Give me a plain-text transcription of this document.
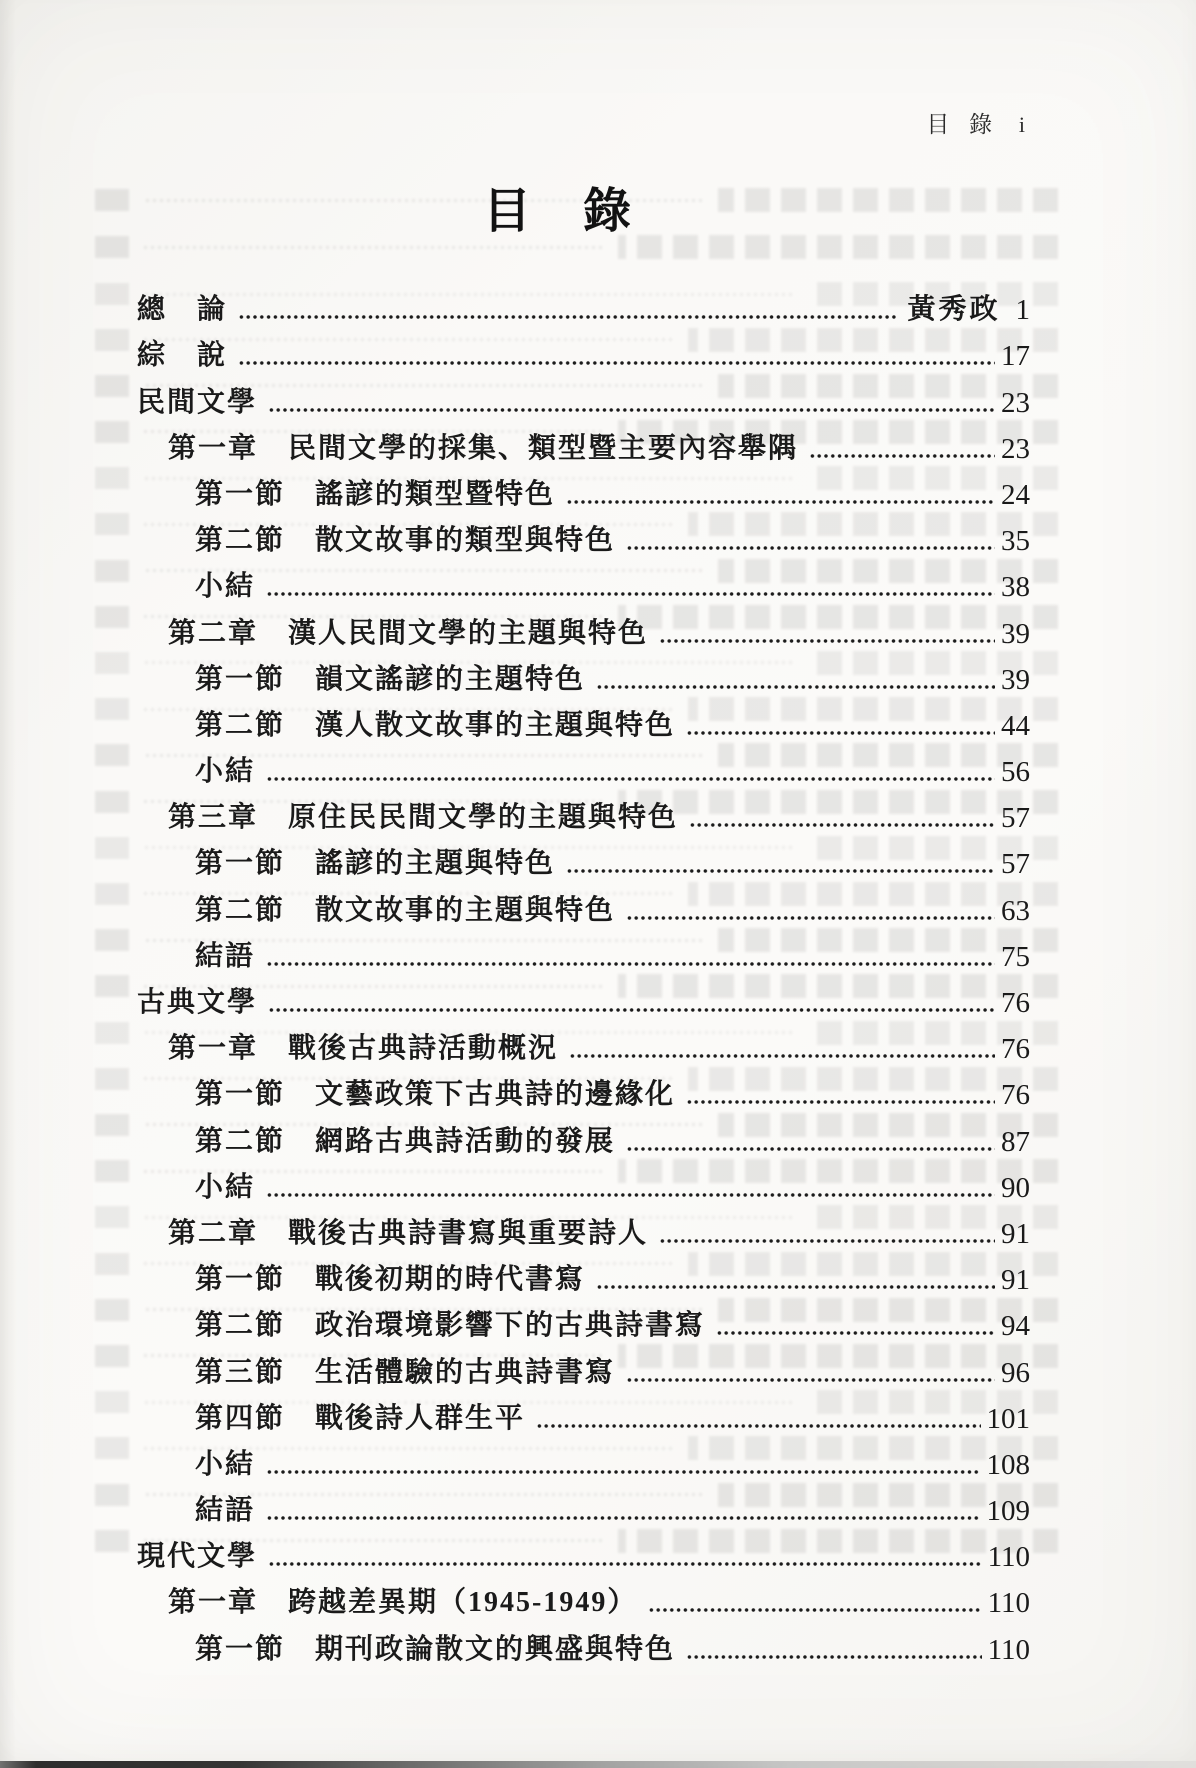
目 錄 i
目　錄
總　論	黃秀政 1
綜　說	17
民間文學	23
第一章　民間文學的採集、類型暨主要內容舉隅	23
第一節　謠諺的類型暨特色	24
第二節　散文故事的類型與特色	35
小結	38
第二章　漢人民間文學的主題與特色	39
第一節　韻文謠諺的主題特色	39
第二節　漢人散文故事的主題與特色	44
小結	56
第三章　原住民民間文學的主題與特色	57
第一節　謠諺的主題與特色	57
第二節　散文故事的主題與特色	63
結語	75
古典文學	76
第一章　戰後古典詩活動概況	76
第一節　文藝政策下古典詩的邊緣化	76
第二節　網路古典詩活動的發展	87
小結	90
第二章　戰後古典詩書寫與重要詩人	91
第一節　戰後初期的時代書寫	91
第二節　政治環境影響下的古典詩書寫	94
第三節　生活體驗的古典詩書寫	96
第四節　戰後詩人群生平	101
小結	108
結語	109
現代文學	110
第一章　跨越差異期（1945-1949）	110
第一節　期刊政論散文的興盛與特色	110
